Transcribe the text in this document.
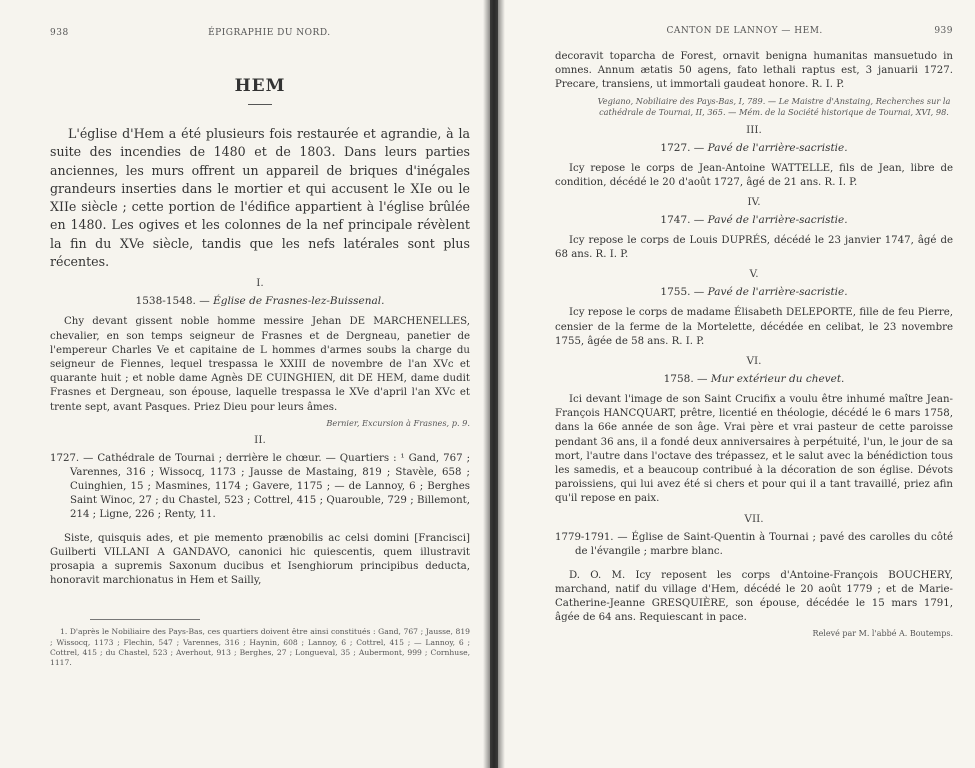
938	ÉPIGRAPHIE DU NORD.
HEM

L'église d'Hem a été plusieurs fois restaurée et agrandie, à la suite des incendies de 1480 et de 1803. Dans leurs parties anciennes, les murs offrent un appareil de briques d'inégales grandeurs inserties dans le mortier et qui accusent le XIe ou le XIIe siècle ; cette portion de l'édifice appartient à l'église brûlée en 1480. Les ogives et les colonnes de la nef principale révèlent la fin du XVe siècle, tandis que les nefs latérales sont plus récentes.

I.
1538-1548. — Église de Frasnes-lez-Buissenal.

Chy devant gissent noble homme messire Jehan DE MARCHENELLES, chevalier, en son temps seigneur de Frasnes et de Dergneau, panetier de l'empereur Charles Ve et capitaine de L hommes d'armes soubs la charge du seigneur de Fiennes, lequel trespassa le XXIII de novembre de l'an XVc et quarante huit ; et noble dame Agnès DE CUINGHIEN, dit DE HEM, dame dudit Frasnes et Dergneau, son épouse, laquelle trespassa le XVe d'april l'an XVc et trente sept, avant Pasques. Priez Dieu pour leurs âmes.

Bernier, Excursion à Frasnes, p. 9.
II.

1727. — Cathédrale de Tournai ; derrière le chœur. — Quartiers : ¹ Gand, 767 ; Varennes, 316 ; Wissocq, 1173 ; Jausse de Mastaing, 819 ; Stavèle, 658 ; Cuinghien, 15 ; Masmines, 1174 ; Gavere, 1175 ; — de Lannoy, 6 ; Berghes Saint Winoc, 27 ; du Chastel, 523 ; Cottrel, 415 ; Quarouble, 729 ; Billemont, 214 ; Ligne, 226 ; Renty, 11.

Siste, quisquis ades, et pie memento prænobilis ac celsi domini [Francisci] Guilberti VILLANI A GANDAVO, canonici hic quiescentis, quem illustravit prosapia a supremis Saxonum ducibus et Isenghiorum principibus deducta, honoravit marchionatus in Hem et Sailly,

1. D'après le Nobiliaire des Pays-Bas, ces quartiers doivent être ainsi constitués : Gand, 767 ; Jausse, 819 ; Wissocq, 1173 ; Flechin, 547 ; Varennes, 316 ; Haynin, 608 ; Lannoy, 6 ; Cottrel, 415 ; — Lannoy, 6 ; Cottrel, 415 ; du Chastel, 523 ; Averhout, 913 ; Berghes, 27 ; Longueval, 35 ; Aubermont, 999 ; Cornhuse, 1117.

CANTON DE LANNOY — HEM.	939

decoravit toparcha de Forest, ornavit benigna humanitas mansuetudo in omnes. Annum ætatis 50 agens, fato lethali raptus est, 3 januarii 1727. Precare, transiens, ut immortali gaudeat honore. R. I. P.

Vegiano, Nobiliaire des Pays-Bas, I, 789. — Le Maistre d'Anstaing, Recherches sur la cathédrale de Tournai, II, 365. — Mém. de la Société historique de Tournai, XVI, 98.
III.
1727. — Pavé de l'arrière-sacristie.

Icy repose le corps de Jean-Antoine WATTELLE, fils de Jean, libre de condition, décédé le 20 d'août 1727, âgé de 21 ans. R. I. P.

IV.
1747. — Pavé de l'arrière-sacristie.

Icy repose le corps de Louis DUPRÉS, décédé le 23 janvier 1747, âgé de 68 ans. R. I. P.

V.
1755. — Pavé de l'arrière-sacristie.

Icy repose le corps de madame Élisabeth DELEPORTE, fille de feu Pierre, censier de la ferme de la Mortelette, décédée en celibat, le 23 novembre 1755, âgée de 58 ans. R. I. P.

VI.
1758. — Mur extérieur du chevet.

Ici devant l'image de son Saint Crucifix a voulu être inhumé maître Jean-François HANCQUART, prêtre, licentié en théologie, décédé le 6 mars 1758, dans la 66e année de son âge. Vrai père et vrai pasteur de cette paroisse pendant 36 ans, il a fondé deux anniversaires à perpétuité, l'un, le jour de sa mort, l'autre dans l'octave des trépassez, et le salut avec la bénédiction tous les samedis, et a beaucoup contribué à la décoration de son église. Dévots paroissiens, qui lui avez été si chers et pour qui il a tant travaillé, priez afin qu'il repose en paix.

VII.

1779-1791. — Église de Saint-Quentin à Tournai ; pavé des carolles du côté de l'évangile ; marbre blanc.

D. O. M. Icy reposent les corps d'Antoine-François BOUCHERY, marchand, natif du village d'Hem, décédé le 20 août 1779 ; et de Marie-Catherine-Jeanne GRESQUIÈRE, son épouse, décédée le 15 mars 1791, âgée de 64 ans. Requiescant in pace.

Relevé par M. l'abbé A. Boutemps.
